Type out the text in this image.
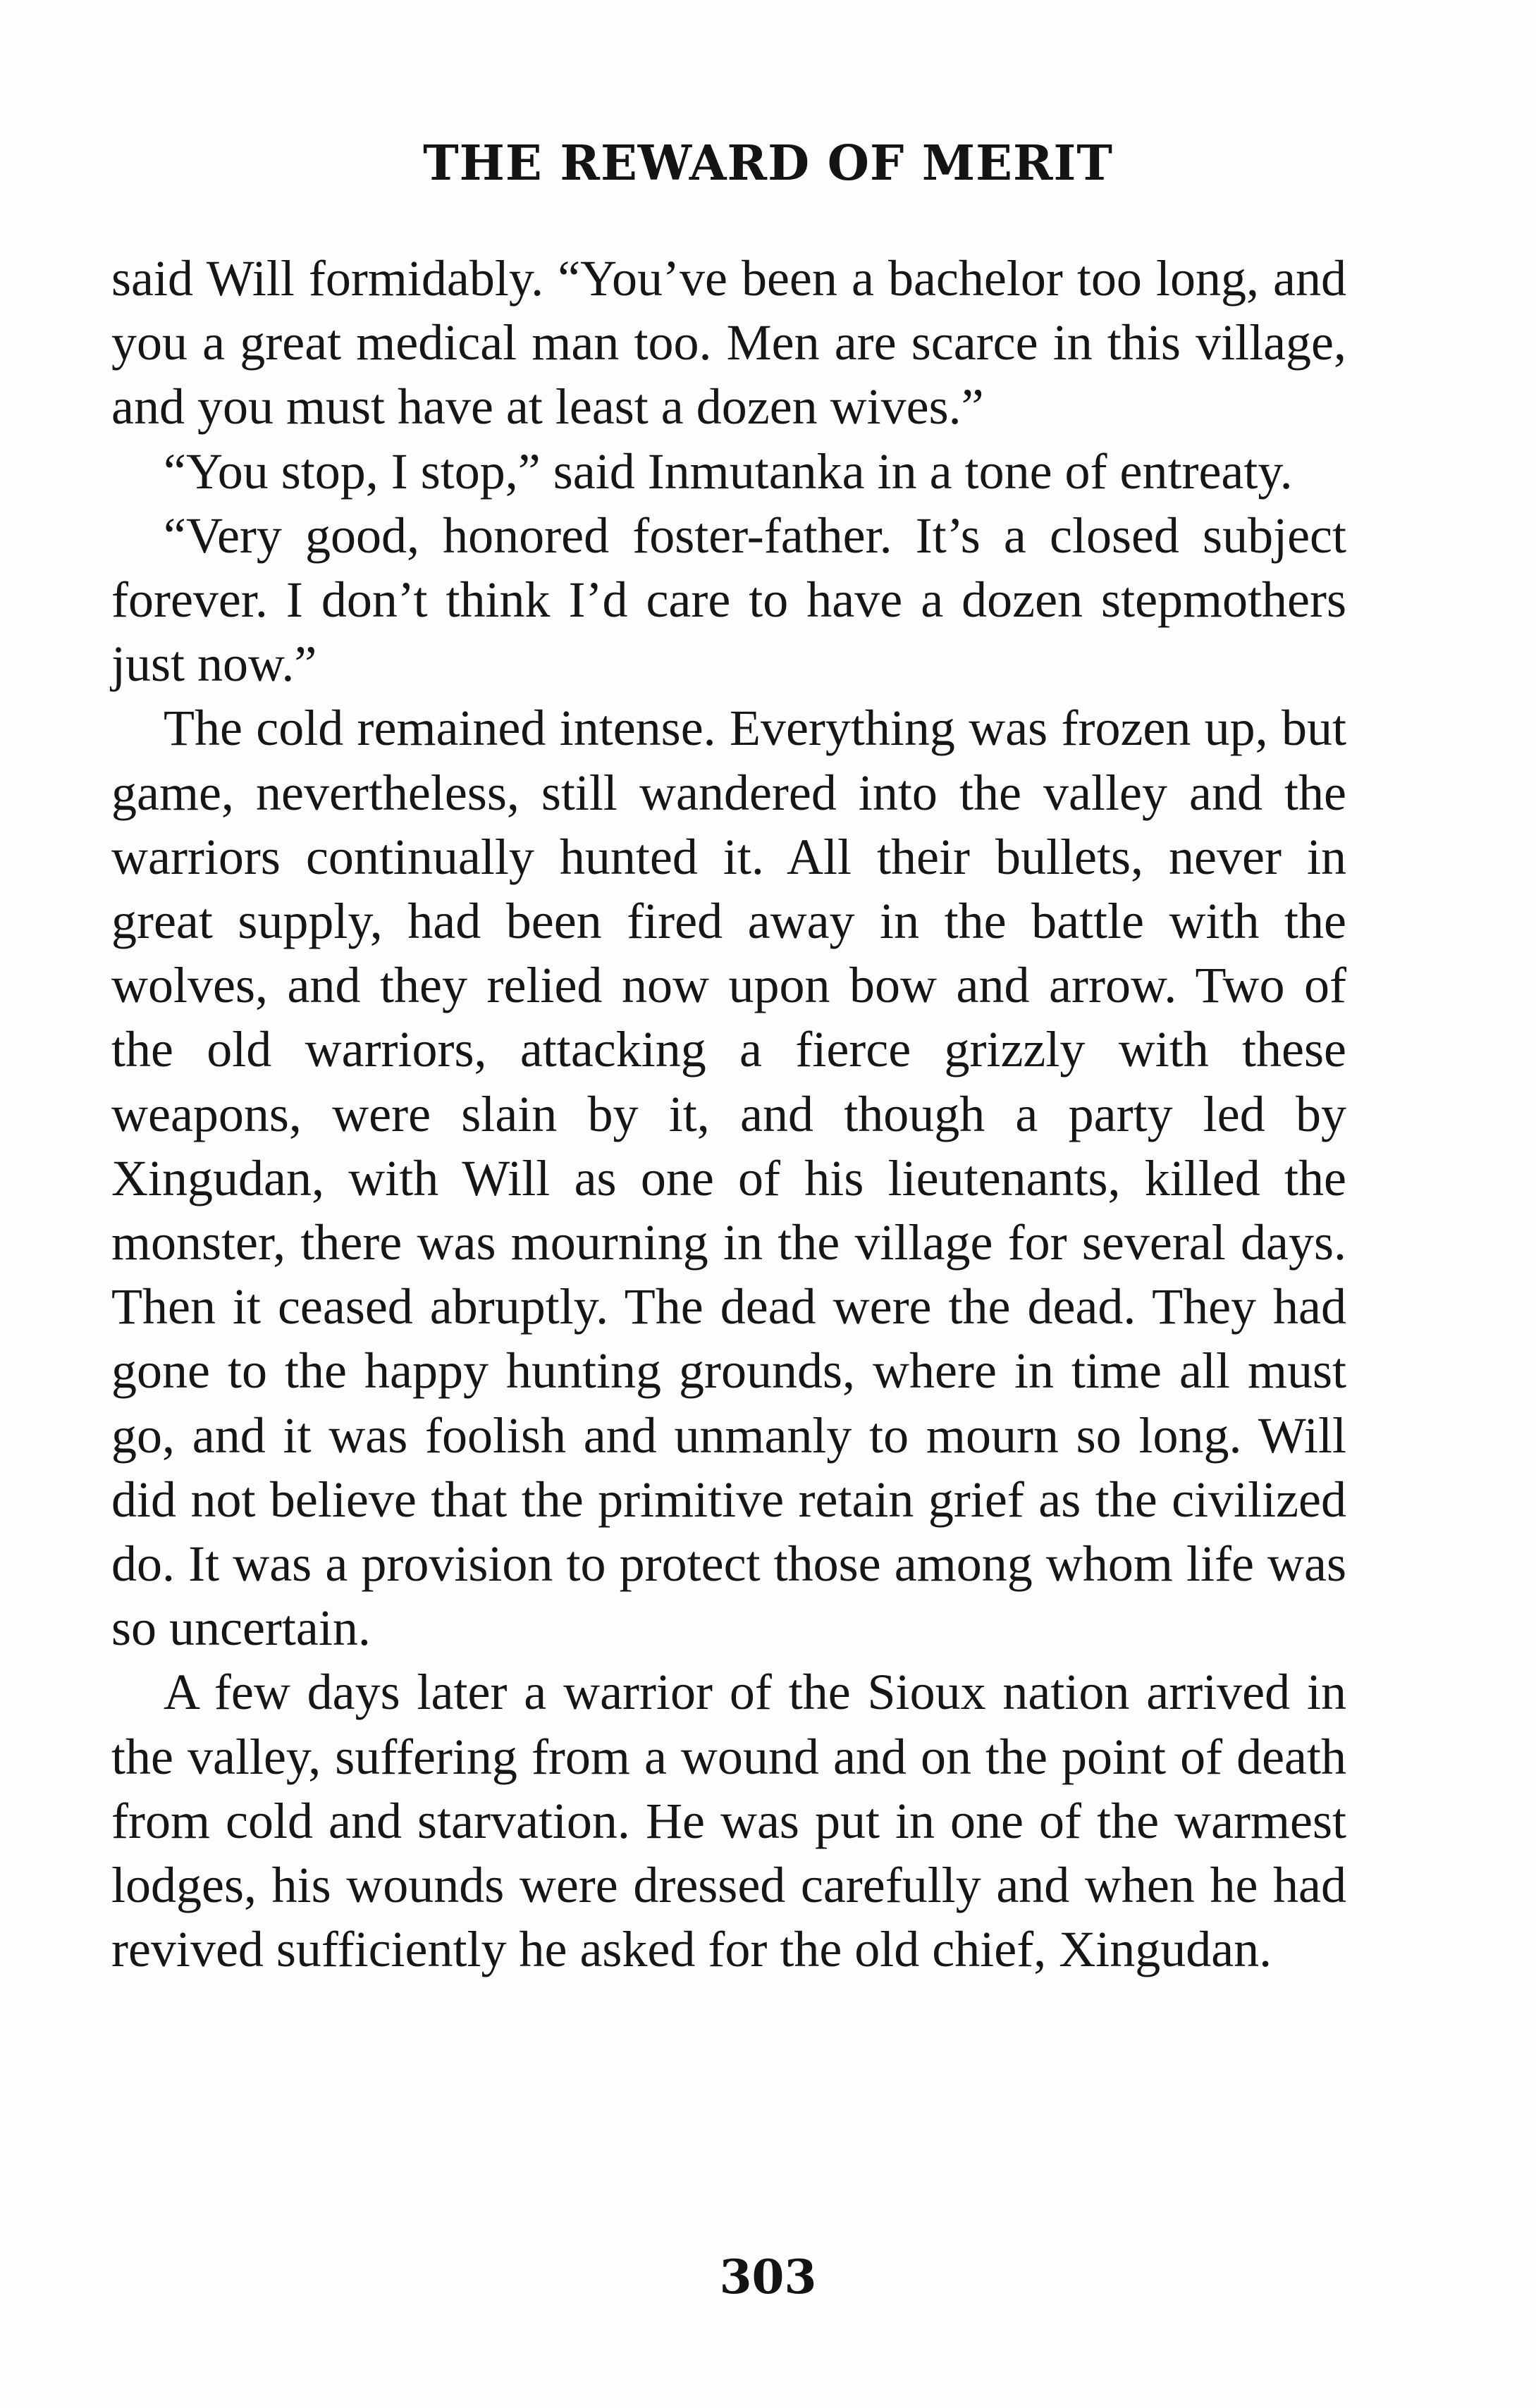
THE REWARD OF MERIT

said Will formidably. “You’ve been a bachelor too long, and you a great medical man too. Men are scarce in this village, and you must have at least a dozen wives.”

“You stop, I stop,” said Inmutanka in a tone of entreaty.

“Very good, honored foster-father. It’s a closed subject forever. I don’t think I’d care to have a dozen stepmothers just now.”

The cold remained intense. Everything was frozen up, but game, nevertheless, still wandered into the valley and the warriors continually hunted it. All their bullets, never in great supply, had been fired away in the battle with the wolves, and they relied now upon bow and arrow. Two of the old warriors, attacking a fierce grizzly with these weapons, were slain by it, and though a party led by Xingudan, with Will as one of his lieutenants, killed the monster, there was mourning in the village for several days. Then it ceased abruptly. The dead were the dead. They had gone to the happy hunting grounds, where in time all must go, and it was foolish and unmanly to mourn so long. Will did not believe that the primitive retain grief as the civilized do. It was a provision to protect those among whom life was so uncertain.

A few days later a warrior of the Sioux nation arrived in the valley, suffering from a wound and on the point of death from cold and starvation. He was put in one of the warmest lodges, his wounds were dressed carefully and when he had revived sufficiently he asked for the old chief, Xingudan.

303
